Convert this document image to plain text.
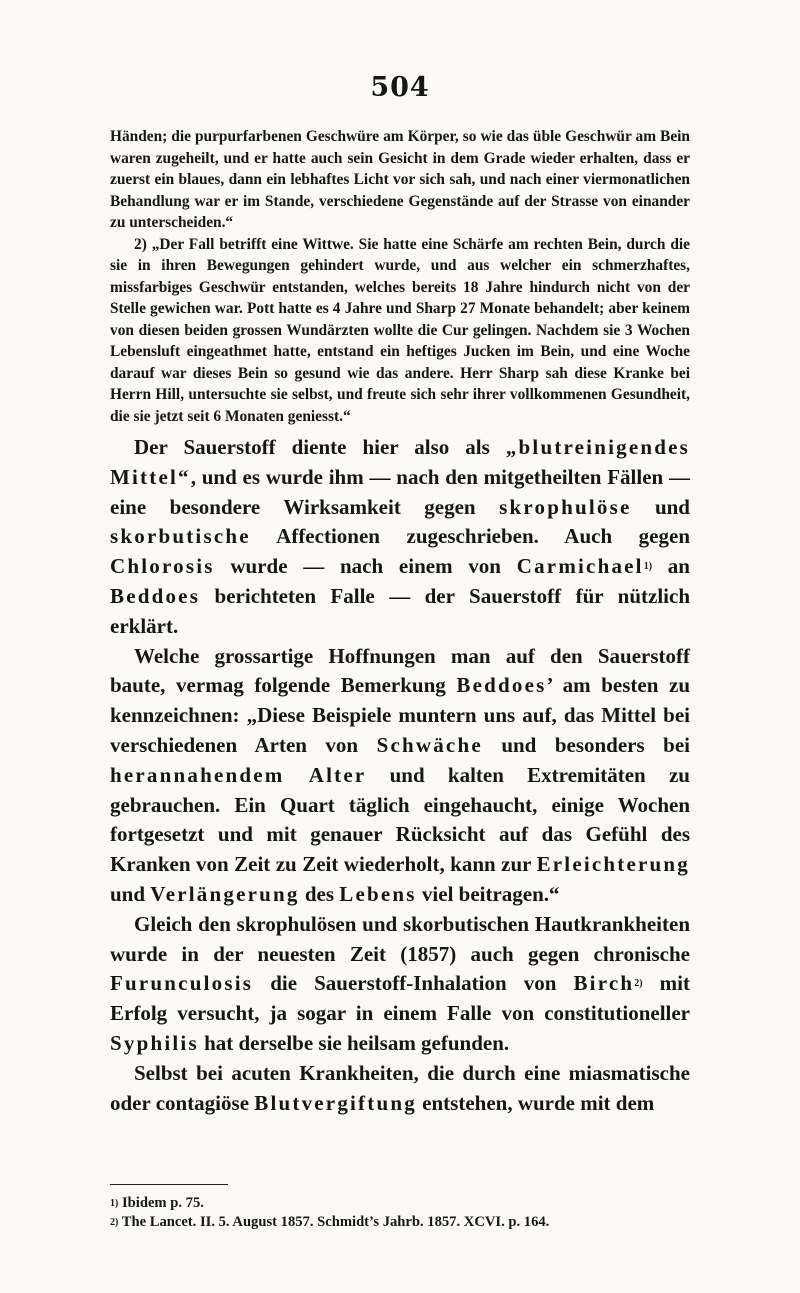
504

Händen; die purpurfarbenen Geschwüre am Körper, so wie das üble Geschwür am Bein waren zugeheilt, und er hatte auch sein Gesicht in dem Grade wieder erhalten, dass er zuerst ein blaues, dann ein lebhaftes Licht vor sich sah, und nach einer viermonatlichen Behandlung war er im Stande, verschiedene Gegenstände auf der Strasse von einander zu unterscheiden.“

2) „Der Fall betrifft eine Wittwe. Sie hatte eine Schärfe am rechten Bein, durch die sie in ihren Bewegungen gehindert wurde, und aus welcher ein schmerzhaftes, missfarbiges Geschwür entstanden, welches bereits 18 Jahre hindurch nicht von der Stelle gewichen war. Pott hatte es 4 Jahre und Sharp 27 Monate behandelt; aber keinem von diesen beiden grossen Wundärzten wollte die Cur gelingen. Nachdem sie 3 Wochen Lebensluft eingeathmet hatte, entstand ein heftiges Jucken im Bein, und eine Woche darauf war dieses Bein so gesund wie das andere. Herr Sharp sah diese Kranke bei Herrn Hill, untersuchte sie selbst, und freute sich sehr ihrer vollkommenen Gesundheit, die sie jetzt seit 6 Monaten geniesst.“

Der Sauerstoff diente hier also als „blutreinigendes Mittel“, und es wurde ihm — nach den mitgetheilten Fällen — eine besondere Wirksamkeit gegen skrophulöse und skorbutische Affectionen zugeschrieben. Auch gegen Chlorosis wurde — nach einem von Carmichael$^{1)}$ an Beddoes berichteten Falle — der Sauerstoff für nützlich erklärt.

Welche grossartige Hoffnungen man auf den Sauerstoff baute, vermag folgende Bemerkung Beddoes’ am besten zu kennzeichnen: „Diese Beispiele muntern uns auf, das Mittel bei verschiedenen Arten von Schwäche und besonders bei herannahendem Alter und kalten Extremitäten zu gebrauchen. Ein Quart täglich eingehaucht, einige Wochen fortgesetzt und mit genauer Rücksicht auf das Gefühl des Kranken von Zeit zu Zeit wiederholt, kann zur Erleichterung und Verlängerung des Lebens viel beitragen.“

Gleich den skrophulösen und skorbutischen Hautkrankheiten wurde in der neuesten Zeit (1857) auch gegen chronische Furunculosis die Sauerstoff-Inhalation von Birch$^{2)}$ mit Erfolg versucht, ja sogar in einem Falle von constitutioneller Syphilis hat derselbe sie heilsam gefunden.

Selbst bei acuten Krankheiten, die durch eine miasmatische oder contagiöse Blutvergiftung entstehen, wurde mit dem

$^{1)}$ Ibidem p. 75.

$^{2)}$ The Lancet. II. 5. August 1857. Schmidt’s Jahrb. 1857. XCVI. p. 164.
